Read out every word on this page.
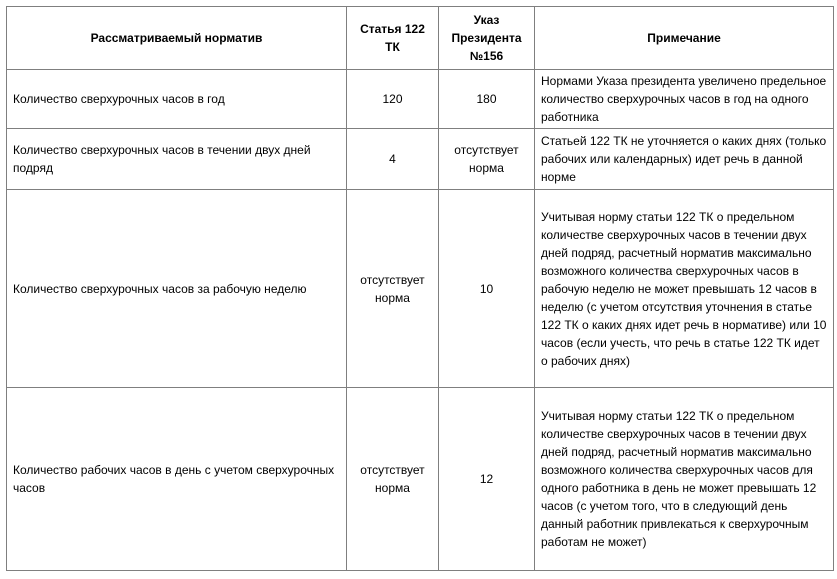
Рассматриваемый норматив	Статья 122 ТК	Указ Президента №156	Примечание
Количество сверхурочных часов в год	120	180	Нормами Указа президента увеличено предельное количество сверхурочных часов в год на одного работника
Количество сверхурочных часов в течении двух дней подряд	4	отсутствует норма	Статьей 122 ТК не уточняется о каких днях (только рабочих или календарных) идет речь в данной норме
Количество сверхурочных часов за рабочую неделю	отсутствует норма	10	Учитывая норму статьи 122 ТК о предельном количестве сверхурочных часов в течении двух дней подряд, расчетный норматив максимально возможного количества сверхурочных часов в рабочую неделю не может превышать 12 часов в неделю (с учетом отсутствия уточнения в статье 122 ТК о каких днях идет речь в нормативе) или 10 часов (если учесть, что речь в статье 122 ТК идет о рабочих днях)
Количество рабочих часов в день с учетом сверхурочных часов	отсутствует норма	12	Учитывая норму статьи 122 ТК о предельном количестве сверхурочных часов в течении двух дней подряд, расчетный норматив максимально возможного количества сверхурочных часов для одного работника в день не может превышать 12 часов (с учетом того, что в следующий день данный работник привлекаться к сверхурочным работам не может)
